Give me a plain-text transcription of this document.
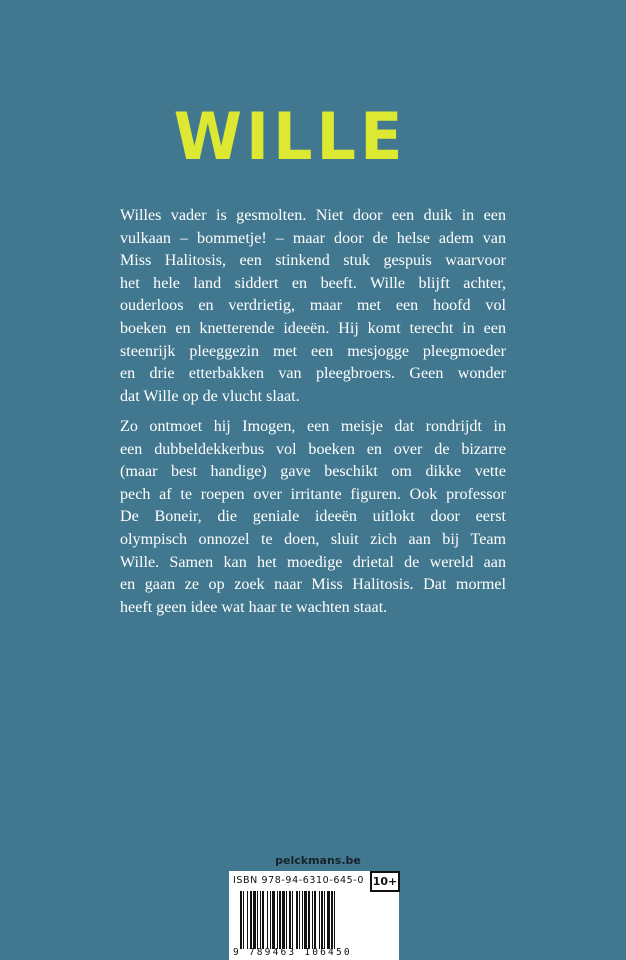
WILLE
Willes vader is gesmolten. Niet door een duik in een
vulkaan – bommetje! – maar door de helse adem van
Miss Halitosis, een stinkend stuk gespuis waarvoor
het hele land siddert en beeft. Wille blijft achter,
ouderloos en verdrietig, maar met een hoofd vol
boeken en knetterende ideeën. Hij komt terecht in een
steenrijk pleeggezin met een mesjogge pleegmoeder
en drie etterbakken van pleegbroers. Geen wonder
dat Wille op de vlucht slaat.
Zo ontmoet hij Imogen, een meisje dat rondrijdt in
een dubbeldekkerbus vol boeken en over de bizarre
(maar best handige) gave beschikt om dikke vette
pech af te roepen over irritante figuren. Ook professor
De Boneir, die geniale ideeën uitlokt door eerst
olympisch onnozel te doen, sluit zich aan bij Team
Wille. Samen kan het moedige drietal de wereld aan
en gaan ze op zoek naar Miss Halitosis. Dat mormel
heeft geen idee wat haar te wachten staat.
pelckmans.be
ISBN 978-94-6310-645-0 10+
9 789463 106450
